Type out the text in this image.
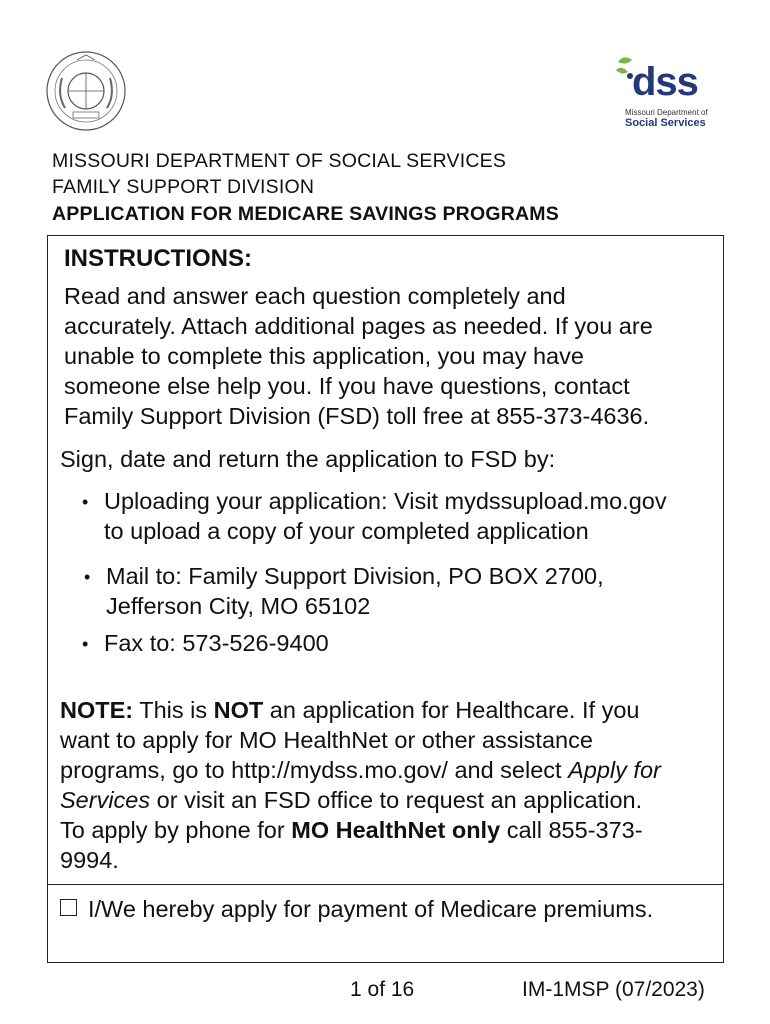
dss
Missouri Department of
Social Services
MISSOURI DEPARTMENT OF SOCIAL SERVICES
FAMILY SUPPORT DIVISION
APPLICATION FOR MEDICARE SAVINGS PROGRAMS
INSTRUCTIONS:
Read and answer each question completely and
accurately. Attach additional pages as needed. If you are
unable to complete this application, you may have
someone else help you. If you have questions, contact
Family Support Division (FSD) toll free at 855-373-4636.
Sign, date and return the application to FSD by:
• Uploading your application: Visit mydssupload.mo.gov
to upload a copy of your completed application
• Mail to: Family Support Division, PO BOX 2700,
Jefferson City, MO 65102
• Fax to: 573-526-9400
NOTE: This is NOT an application for Healthcare. If you
want to apply for MO HealthNet or other assistance
programs, go to http://mydss.mo.gov/ and select Apply for
Services or visit an FSD office to request an application.
To apply by phone for MO HealthNet only call 855-373-
9994.
I/We hereby apply for payment of Medicare premiums.
1 of 16	IM-1MSP (07/2023)
